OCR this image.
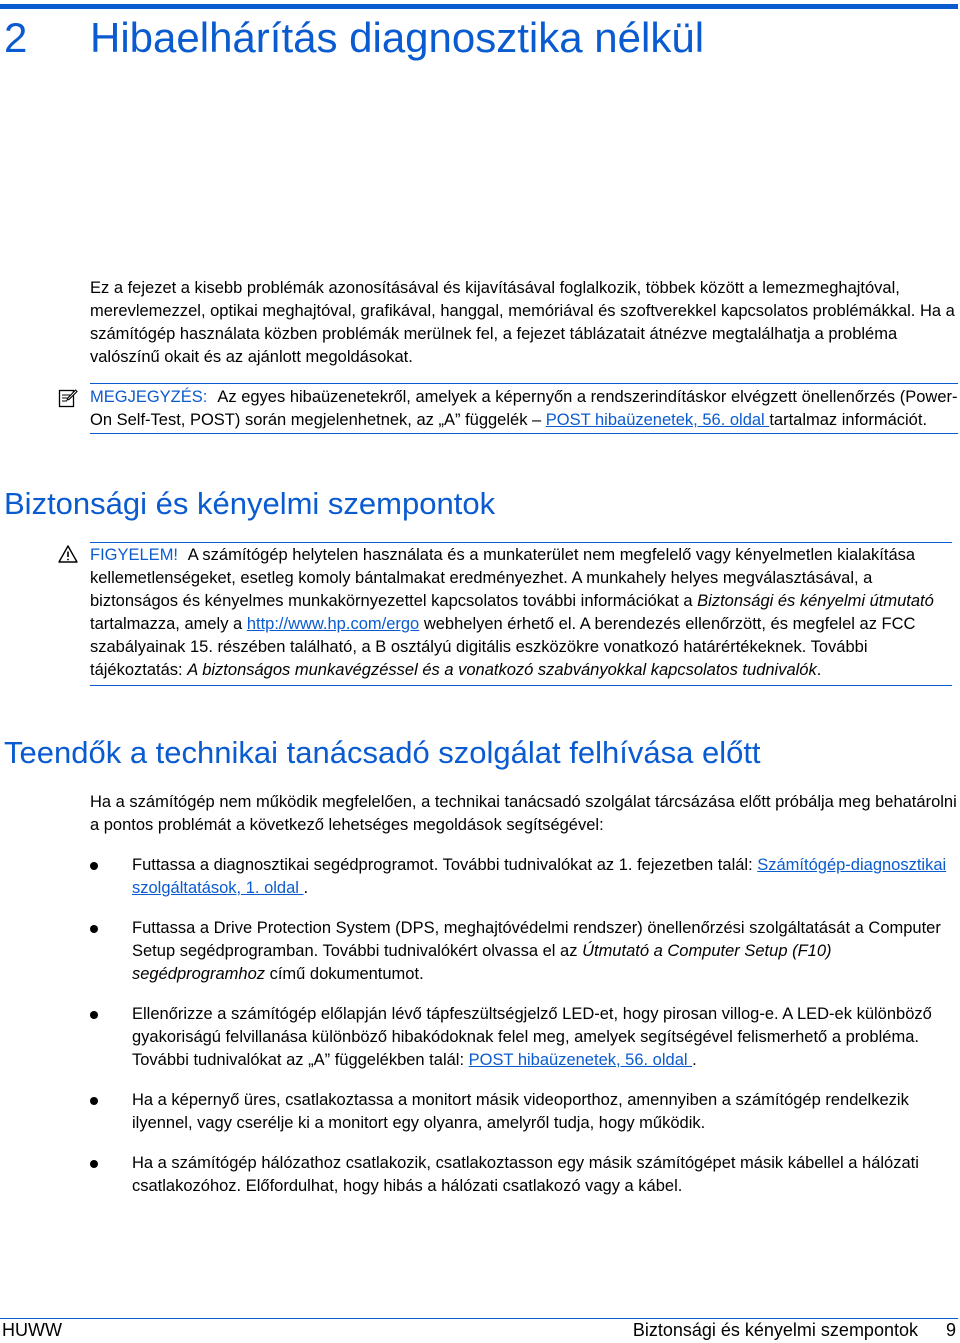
2 Hibaelhárítás diagnosztika nélkül

Ez a fejezet a kisebb problémák azonosításával és kijavításával foglalkozik, többek között a lemezmeghajtóval, merevlemezzel, optikai meghajtóval, grafikával, hanggal, memóriával és szoftverekkel kapcsolatos problémákkal. Ha a számítógép használata közben problémák merülnek fel, a fejezet táblázatait átnézve megtalálhatja a probléma valószínű okait és az ajánlott megoldásokat.

MEGJEGYZÉS: Az egyes hibaüzenetekről, amelyek a képernyőn a rendszerindításkor elvégzett önellenőrzés (Power-On Self-Test, POST) során megjelenhetnek, az „A” függelék – POST hibaüzenetek, 56. oldal tartalmaz információt.
Biztonsági és kényelmi szempontok
FIGYELEM! A számítógép helytelen használata és a munkaterület nem megfelelő vagy kényelmetlen kialakítása kellemetlenségeket, esetleg komoly bántalmakat eredményezhet. A munkahely helyes megválasztásával, a biztonságos és kényelmes munkakörnyezettel kapcsolatos további információkat a Biztonsági és kényelmi útmutató tartalmazza, amely a http://www.hp.com/ergo webhelyen érhető el. A berendezés ellenőrzött, és megfelel az FCC szabályainak 15. részében található, a B osztályú digitális eszközökre vonatkozó határértékeknek. További tájékoztatás: A biztonságos munkavégzéssel és a vonatkozó szabványokkal kapcsolatos tudnivalók.
Teendők a technikai tanácsadó szolgálat felhívása előtt

Ha a számítógép nem működik megfelelően, a technikai tanácsadó szolgálat tárcsázása előtt próbálja meg behatárolni a pontos problémát a következő lehetséges megoldások segítségével:

Futtassa a diagnosztikai segédprogramot. További tudnivalókat az 1. fejezetben talál: Számítógép-diagnosztikai szolgáltatások, 1. oldal .
Futtassa a Drive Protection System (DPS, meghajtóvédelmi rendszer) önellenőrzési szolgáltatását a Computer Setup segédprogramban. További tudnivalókért olvassa el az Útmutató a Computer Setup (F10) segédprogramhoz című dokumentumot.
Ellenőrizze a számítógép előlapján lévő tápfeszültségjelző LED-et, hogy pirosan villog-e. A LED-ek különböző gyakoriságú felvillanása különböző hibakódoknak felel meg, amelyek segítségével felismerhető a probléma. További tudnivalókat az „A” függelékben talál: POST hibaüzenetek, 56. oldal .
Ha a képernyő üres, csatlakoztassa a monitort másik videoporthoz, amennyiben a számítógép rendelkezik ilyennel, vagy cserélje ki a monitort egy olyanra, amelyről tudja, hogy működik.
Ha a számítógép hálózathoz csatlakozik, csatlakoztasson egy másik számítógépet másik kábellel a hálózati csatlakozóhoz. Előfordulhat, hogy hibás a hálózati csatlakozó vagy a kábel.
HUWW	Biztonsági és kényelmi szempontok 9
